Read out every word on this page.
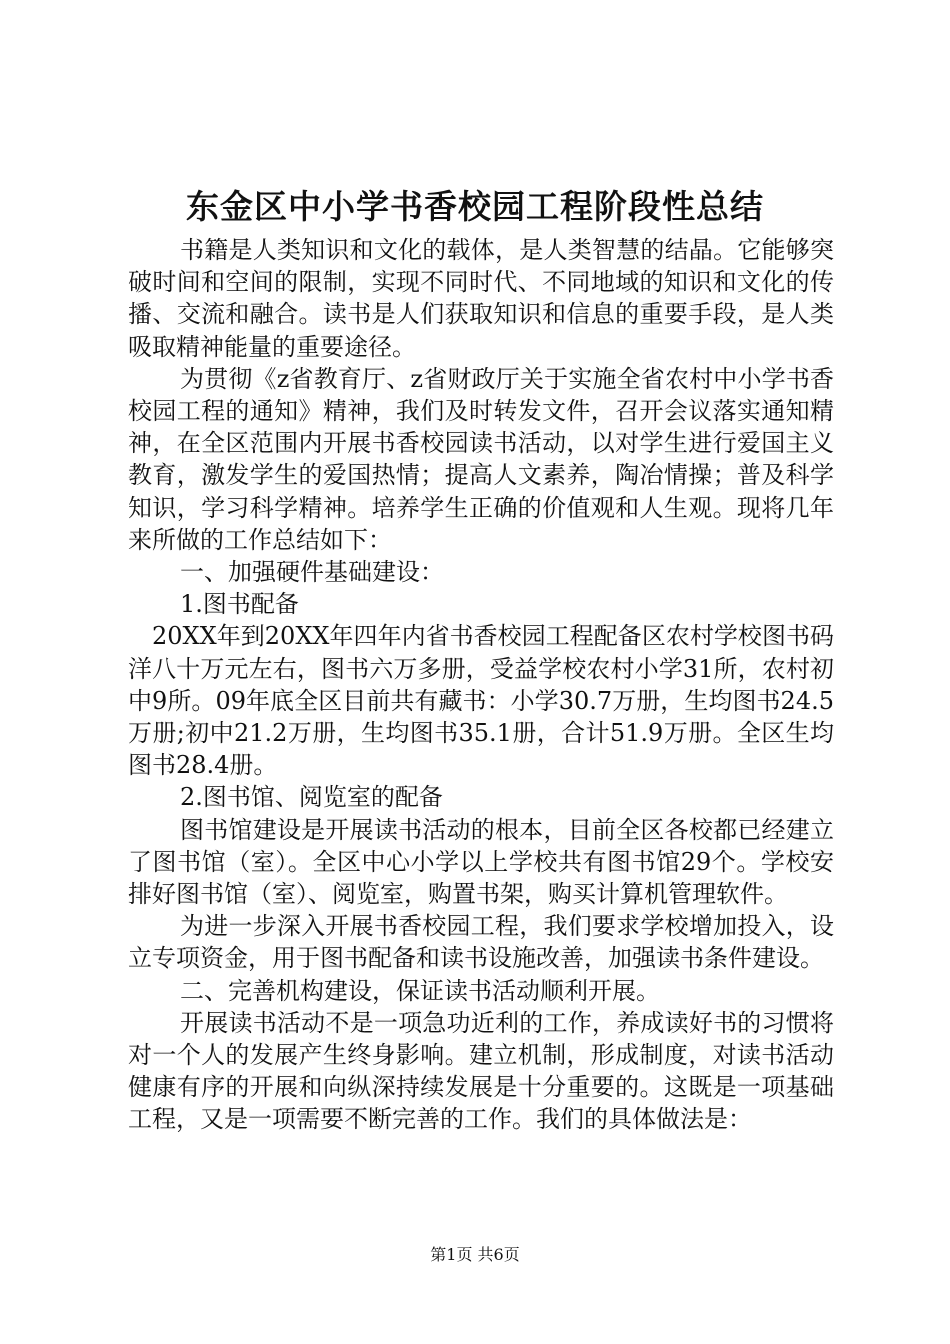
东金区中小学书香校园工程阶段性总结

书籍是人类知识和文化的载体，是人类智慧的结晶。它能够突破时间和空间的限制，实现不同时代、不同地域的知识和文化的传播、交流和融合。读书是人们获取知识和信息的重要手段，是人类吸取精神能量的重要途径。

为贯彻《z省教育厅、z省财政厅关于实施全省农村中小学书香校园工程的通知》精神，我们及时转发文件，召开会议落实通知精神，在全区范围内开展书香校园读书活动，以对学生进行爱国主义教育，激发学生的爱国热情；提高人文素养，陶冶情操；普及科学知识，学习科学精神。培养学生正确的价值观和人生观。现将几年来所做的工作总结如下：

一、加强硬件基础建设：

1.图书配备

20XX年到20XX年四年内省书香校园工程配备区农村学校图书码洋八十万元左右，图书六万多册，受益学校农村小学31所，农村初中9所。09年底全区目前共有藏书：小学30.7万册，生均图书24.5万册;初中21.2万册，生均图书35.1册，合计51.9万册。全区生均图书28.4册。

2.图书馆、阅览室的配备

图书馆建设是开展读书活动的根本，目前全区各校都已经建立了图书馆（室）。全区中心小学以上学校共有图书馆29个。学校安排好图书馆（室）、阅览室，购置书架，购买计算机管理软件。

为进一步深入开展书香校园工程，我们要求学校增加投入，设立专项资金，用于图书配备和读书设施改善，加强读书条件建设。

二、完善机构建设，保证读书活动顺利开展。

开展读书活动不是一项急功近利的工作，养成读好书的习惯将对一个人的发展产生终身影响。建立机制，形成制度，对读书活动健康有序的开展和向纵深持续发展是十分重要的。这既是一项基础工程，又是一项需要不断完善的工作。我们的具体做法是：

第1页 共6页
